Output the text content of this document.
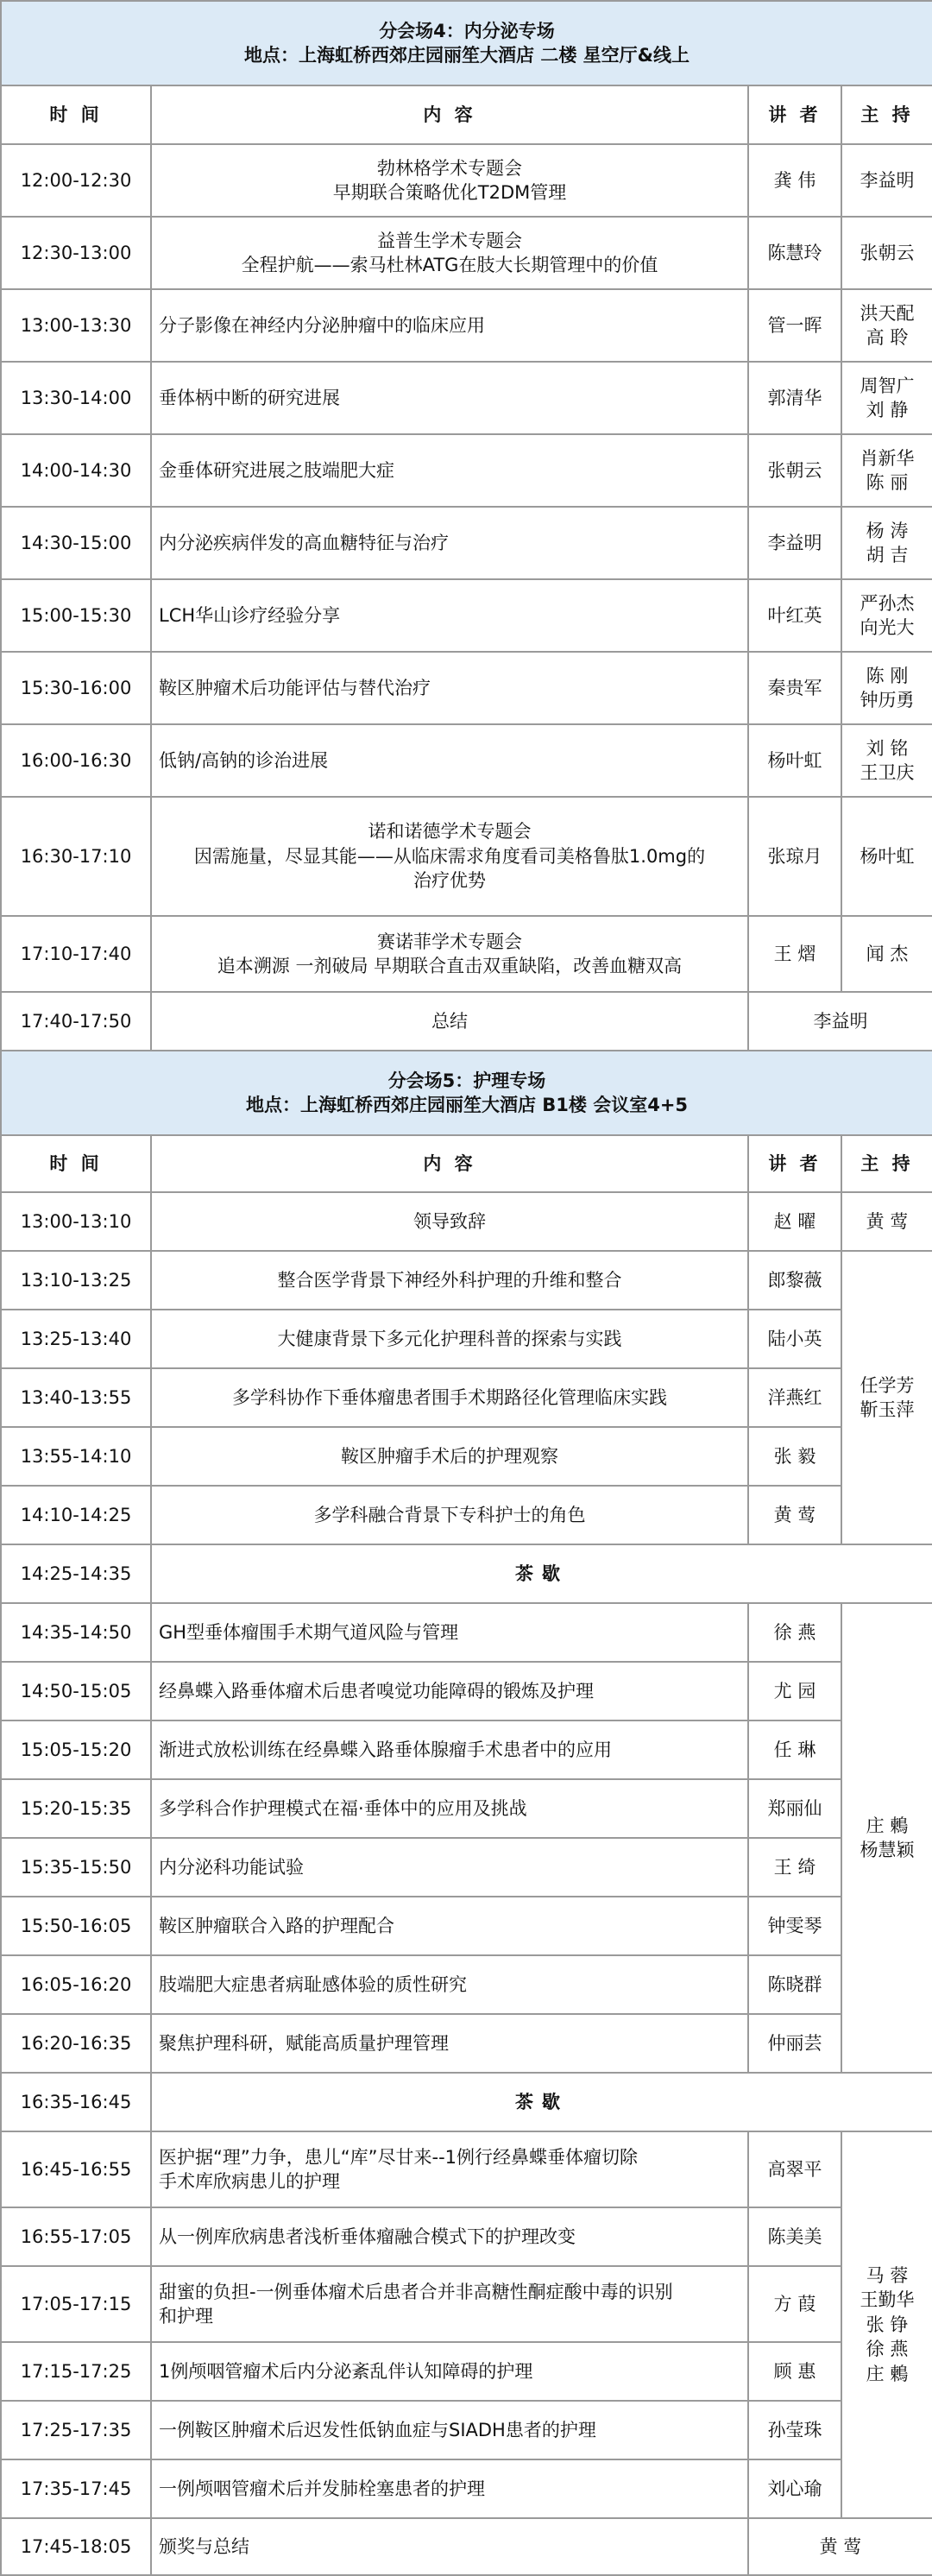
分会场4：内分泌专场
地点：上海虹桥西郊庄园丽笙大酒店 二楼 星空厅&线上			

时 间	内 容	讲 者	主 持
12:00-12:30	勃林格学术专题会
早期联合策略优化T2DM管理	龚 伟	李益明
12:30-13:00	益普生学术专题会
全程护航——索马杜林ATG在肢大长期管理中的价值	陈慧玲	张朝云
13:00-13:30	分子影像在神经内分泌肿瘤中的临床应用	管一晖	洪天配
高 聆

13:30-14:00	垂体柄中断的研究进展	郭清华	周智广
刘 静

14:00-14:30	金垂体研究进展之肢端肥大症	张朝云	肖新华
陈 丽

14:30-15:00	内分泌疾病伴发的高血糖特征与治疗	李益明	杨 涛
胡 吉

15:00-15:30	LCH华山诊疗经验分享	叶红英	严孙杰
向光大

15:30-16:00	鞍区肿瘤术后功能评估与替代治疗	秦贵军	陈 刚
钟历勇

16:00-16:30	低钠/高钠的诊治进展	杨叶虹	刘 铭
王卫庆

16:30-17:10	诺和诺德学术专题会
因需施量，尽显其能——从临床需求角度看司美格鲁肽1.0mg的
治疗优势	张琼月	杨叶虹
17:10-17:40	赛诺菲学术专题会
追本溯源 一剂破局 早期联合直击双重缺陷，改善血糖双高	王 熠	闻 杰
17:40-17:50	总结	李益明	

分会场5：护理专场
地点：上海虹桥西郊庄园丽笙大酒店 B1楼 会议室4+5			

时 间	内 容	讲 者	主 持
13:00-13:10	领导致辞	赵 曜	黄 莺
13:10-13:25	整合医学背景下神经外科护理的升维和整合	郎黎薇	任学芳
靳玉萍

13:25-13:40	大健康背景下多元化护理科普的探索与实践	陆小英	
13:40-13:55	多学科协作下垂体瘤患者围手术期路径化管理临床实践	洋燕红	
13:55-14:10	鞍区肿瘤手术后的护理观察	张 毅	
14:10-14:25	多学科融合背景下专科护士的角色	黄 莺	
14:25-14:35	茶歇		
14:35-14:50	GH型垂体瘤围手术期气道风险与管理	徐 燕	庄 鶫
杨慧颖

14:50-15:05	经鼻蝶入路垂体瘤术后患者嗅觉功能障碍的锻炼及护理	尤 园	
15:05-15:20	渐进式放松训练在经鼻蝶入路垂体腺瘤手术患者中的应用	任 琳	
15:20-15:35	多学科合作护理模式在福·垂体中的应用及挑战	郑丽仙	
15:35-15:50	内分泌科功能试验	王 绮	
15:50-16:05	鞍区肿瘤联合入路的护理配合	钟雯琴	
16:05-16:20	肢端肥大症患者病耻感体验的质性研究	陈晓群	
16:20-16:35	聚焦护理科研，赋能高质量护理管理	仲丽芸	
16:35-16:45	茶歇		
16:45-16:55	医护据“理”力争，患儿“库”尽甘来--1例行经鼻蝶垂体瘤切除
手术库欣病患儿的护理	高翠平	马 蓉
王勤华
张 铮
徐 燕
庄 鶫

16:55-17:05	从一例库欣病患者浅析垂体瘤融合模式下的护理改变	陈美美	
17:05-17:15	甜蜜的负担-一例垂体瘤术后患者合并非高糖性酮症酸中毒的识别
和护理	方 葭	
17:15-17:25	1例颅咽管瘤术后内分泌紊乱伴认知障碍的护理	顾 惠	
17:25-17:35	一例鞍区肿瘤术后迟发性低钠血症与SIADH患者的护理	孙莹珠	
17:35-17:45	一例颅咽管瘤术后并发肺栓塞患者的护理	刘心瑜	
17:45-18:05	颁奖与总结	黄 莺	
